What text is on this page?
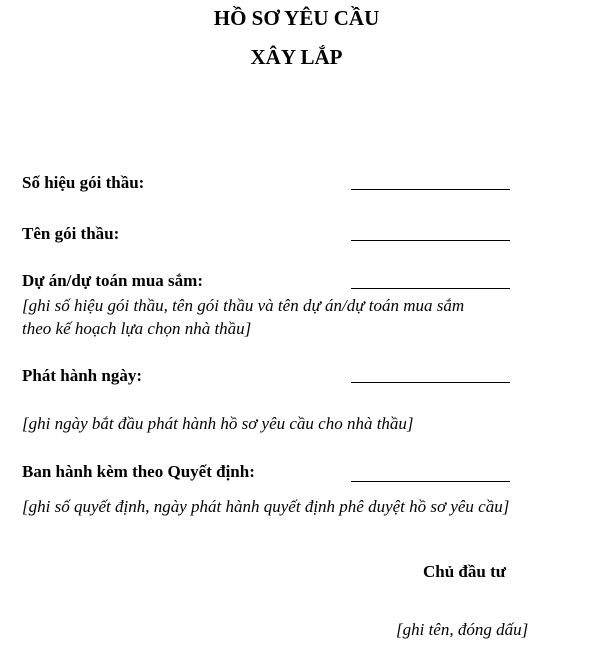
HỒ SƠ YÊU CẦU
XÂY LẮP
Số hiệu gói thầu:
Tên gói thầu:
Dự án/dự toán mua sắm:
[ghi số hiệu gói thầu, tên gói thầu và tên dự án/dự toán mua sắm
theo kế hoạch lựa chọn nhà thầu]
Phát hành ngày:
[ghi ngày bắt đầu phát hành hồ sơ yêu cầu cho nhà thầu]
Ban hành kèm theo Quyết định:
[ghi số quyết định, ngày phát hành quyết định phê duyệt hồ sơ yêu cầu]
Chủ đầu tư
[ghi tên, đóng dấu]
